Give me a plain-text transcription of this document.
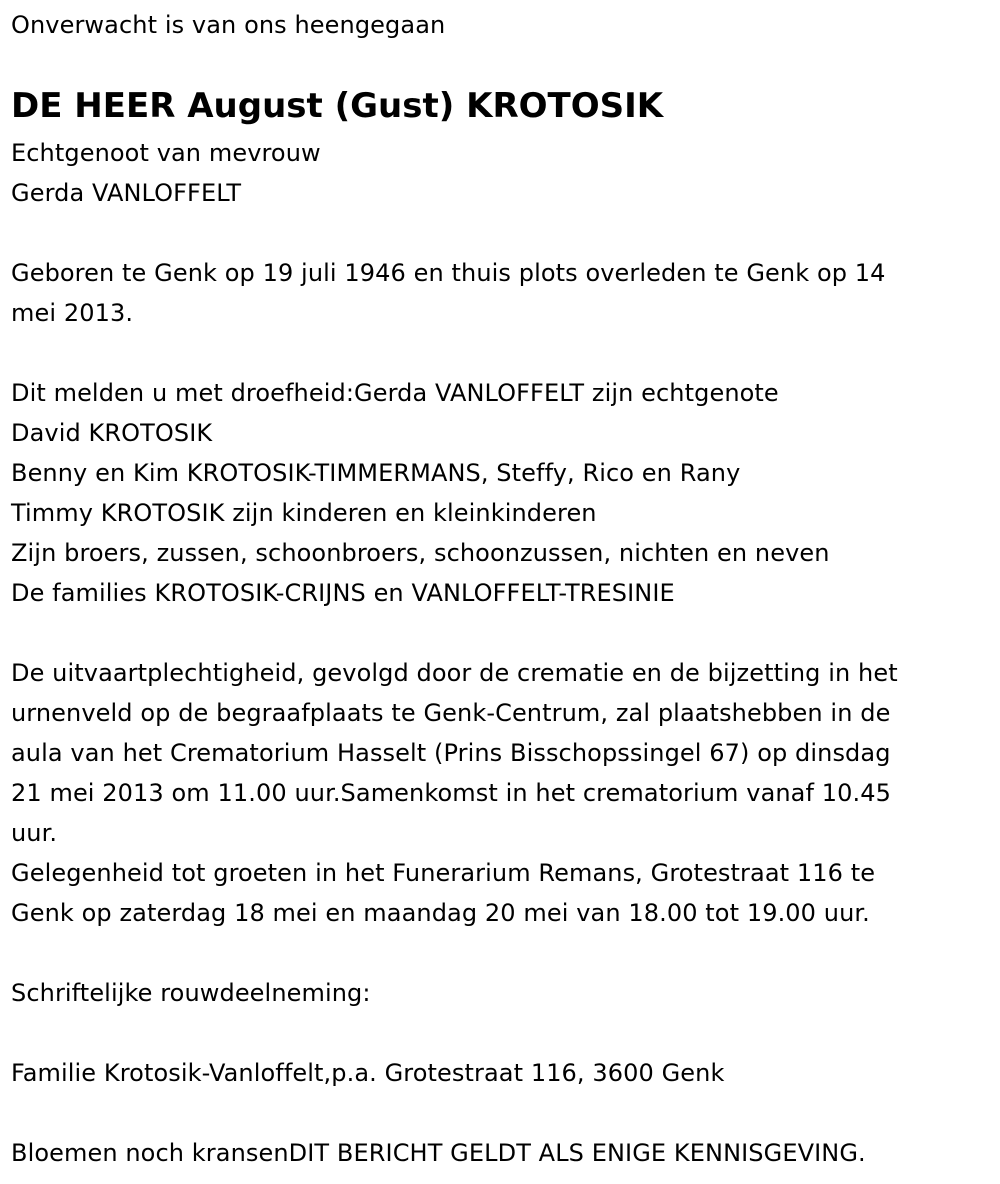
Onverwacht is van ons heengegaan
DE HEER August (Gust) KROTOSIK
Echtgenoot van mevrouw
Gerda VANLOFFELT
Geboren te Genk op 19 juli 1946 en thuis plots overleden te Genk op 14
mei 2013.
Dit melden u met droefheid:Gerda VANLOFFELT zijn echtgenote
David KROTOSIK
Benny en Kim KROTOSIK-TIMMERMANS, Steffy, Rico en Rany
Timmy KROTOSIK zijn kinderen en kleinkinderen
Zijn broers, zussen, schoonbroers, schoonzussen, nichten en neven
De families KROTOSIK-CRIJNS en VANLOFFELT-TRESINIE
De uitvaartplechtigheid, gevolgd door de crematie en de bijzetting in het
urnenveld op de begraafplaats te Genk-Centrum, zal plaatshebben in de
aula van het Crematorium Hasselt (Prins Bisschopssingel 67) op dinsdag
21 mei 2013 om 11.00 uur.Samenkomst in het crematorium vanaf 10.45
uur.
Gelegenheid tot groeten in het Funerarium Remans, Grotestraat 116 te
Genk op zaterdag 18 mei en maandag 20 mei van 18.00 tot 19.00 uur.
Schriftelijke rouwdeelneming:
Familie Krotosik-Vanloffelt,p.a. Grotestraat 116, 3600 Genk
Bloemen noch kransenDIT BERICHT GELDT ALS ENIGE KENNISGEVING.
